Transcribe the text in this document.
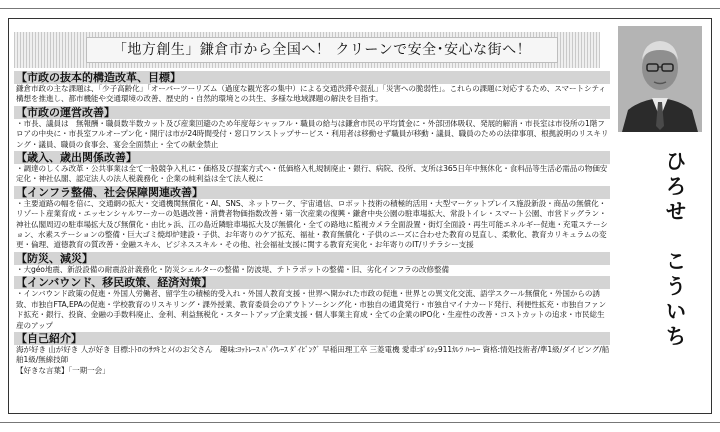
「地方創生」鎌倉市から全国へ！ クリーンで安全･安心な街へ！
【市政の抜本的構造改革、目標】

鎌倉市政の主な課題は、「少子高齢化」「オーバーツーリズム（過度な観光客の集中）による交通渋滞や混乱」「災害への脆弱性」。これらの課題に対応するため、スマートシティ構想を推進し、都市機能や交通環境の改善、歴史的・自然的環境との共生、多様な地域課題の解決を目指す。

【市政の運営改善】

・市長、議員は　無報酬・職員数半数カット及び産業回避のため年度毎シャッフル・職員の給与は鎌倉市民の平均賃金に・外部団体吸収、発展的解消・市長室は市役所の1階フロアの中央に・市長室フルオープン化・開庁は市が24時間受付・窓口ワンストップサービス・利用者は移動せず職員が移動・議員、職員のための法律事項、根拠説明のリスキリング・議員、職員の食事会、宴会全面禁止・全ての献金禁止

【歳入、歳出関係改善】

・調達のしくみ改革・公共事業は全て一般競争入札に・価格及び提案方式へ・低価格入札規制廃止・銀行、病院、役所、支所は365日年中無休化・食料品等生活必需品の物価安定化・神社仏閣、認定法人の法人税義務化・企業の純利益は全て法人税に

【インフラ整備、社会保障関連改善】

・主要道路の幅を倍に、交通網の拡大・交通機関無償化・AI、SNS、ネットワーク、宇宙通信、ロボット技術の積極的活用・大型マーケットプレイス施設新設・商品の無償化・リゾート産業育成・エッセンシャルワーカーの処遇改善・消費者物価指数改善・第一次産業の復興・鎌倉中央公園の駐車場拡大、常設トイレ・スマート公園、市営ドッグラン・神社仏閣周辺の駐車場拡大及び無償化・由比ヶ浜、江の島近隣駐車場拡大及び無償化・全ての路地に監視カメラ全面設置・街灯全面設・再生可能エネルギー促進・充電ステーション、水素ステーションの整備・巨大ゴミ焼却炉建設・子供、お年寄りのケア拡充、福祉・教育無償化・子供のニーズに合わせた教育の見直し、柔軟化、教育カリキュラムの変更・倫理、道徳教育の質改善・金融スキル、ビジネススキル・その他、社会福祉支援に関する教育充実化・お年寄りのIT/リテラシー支援

【防災、減災】

・大géo地震、新設設備の耐震設計義務化・防災シェルターの整備・防波堤、テトラポットの整備・旧、劣化インフラの改修整備

【インバウンド、移民政策、経済対策】

・インバウンド政策の促進・外国人労働者、留学生の積極的受入れ・外国人教育支援・世界へ開かれた市政の促進・世界との異文化交流、語学スクール無償化・外国からの誘致、市独自FTA,EPAの促進・学校教育のリスキリング・課外授業、教育委員会のアウトソーシング化・市独自の通貨発行・市独自マイナカード発行、利便性拡充・市独自ファンド拡充・銀行、投資、金融の手数料廃止、金利、利益無税化・スタートアップ企業支援・個人事業主育成・全ての企業のIPO化・生産性の改善・コストカットの追求・市民総生産のアップ

【自己紹介】

海が好き 山が好き 人が好き 目標:ﾄﾄﾛのｻﾂｷとﾒｲのお父さん　趣味:ﾖｯﾄﾚｰｽ ﾊﾟｲｸﾚｰｽ ﾀﾞｲﾋﾞﾝｸﾞ 早稲田理工卒 三菱電機 愛車:ﾎﾟﾙｼｪ911ｶﾚﾗ ﾊｰﾚｰ 資格:情処技術者/準1級/ダイビング/船舶1級/無線技師

【好きな言葉】「一期一会」

ひろせ　こういち
